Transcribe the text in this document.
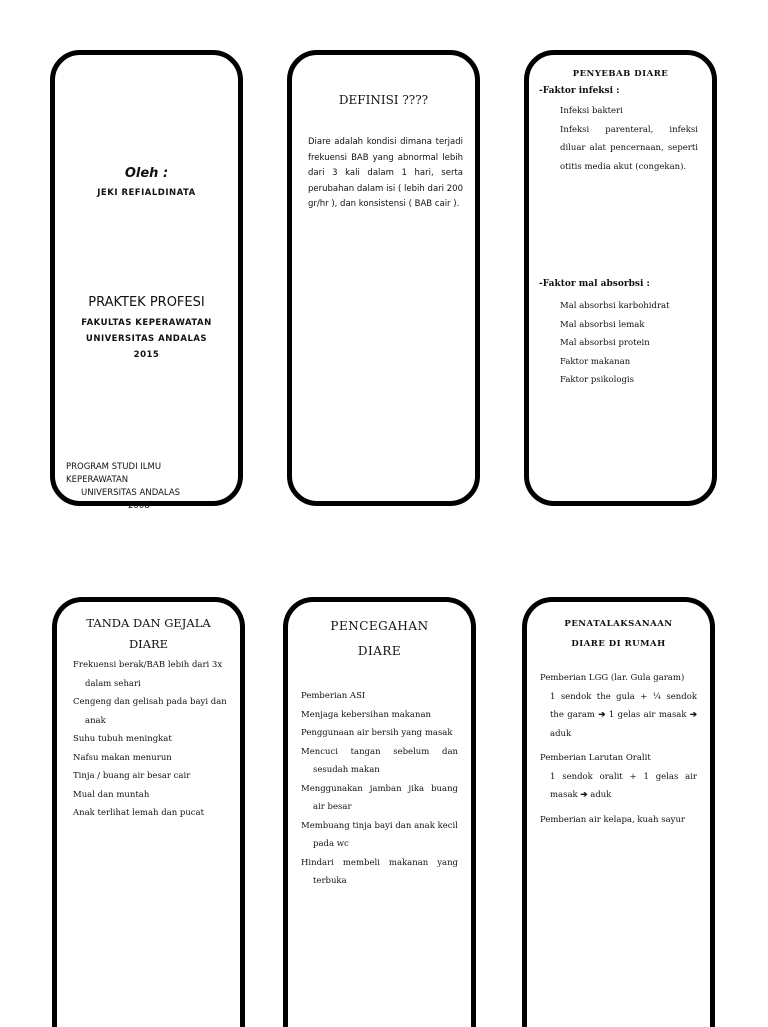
Oleh :
JEKI REFIALDINATA
PRAKTEK PROFESI
FAKULTAS KEPERAWATAN
UNIVERSITAS ANDALAS
2015
PROGRAM STUDI ILMU
KEPERAWATAN
UNIVERSITAS ANDALAS
2008
DEFINISI ????
Diare adalah kondisi dimana terjadi frekuensi BAB yang abnormal lebih dari 3 kali dalam 1 hari, serta perubahan dalam isi ( lebih dari 200 gr/hr ), dan konsistensi ( BAB cair ).
PENYEBAB DIARE
-Faktor infeksi :
Infeksi bakteri
Infeksi parenteral, infeksi diluar alat pencernaan, seperti otitis media akut (congekan).
-Faktor mal absorbsi :
Mal absorbsi karbohidrat
Mal absorbsi lemak
Mal absorbsi protein
Faktor makanan
Faktor psikologis
TANDA DAN GEJALA
DIARE
Frekuensi berak/BAB lebih dari 3x dalam sehari
Cengeng dan gelisah pada bayi dan anak
Suhu tubuh meningkat
Nafsu makan menurun
Tinja / buang air besar cair
Mual dan muntah
Anak terlihat lemah dan pucat
PENCEGAHAN
DIARE
Pemberian ASI
Menjaga kebersihan makanan
Penggunaan air bersih yang masak
Mencuci tangan sebelum dan sesudah makan
Menggunakan jamban jika buang air besar
Membuang tinja bayi dan anak kecil pada wc
Hindari membeli makanan yang terbuka
PENATALAKSANAAN
DIARE DI RUMAH
Pemberian LGG (lar. Gula garam)
1 sendok the gula + ¼ sendok the garam ➔ 1 gelas air masak ➔ aduk
Pemberian Larutan Oralit
1 sendok oralit + 1 gelas air masak ➔ aduk
Pemberian air kelapa, kuah sayur
